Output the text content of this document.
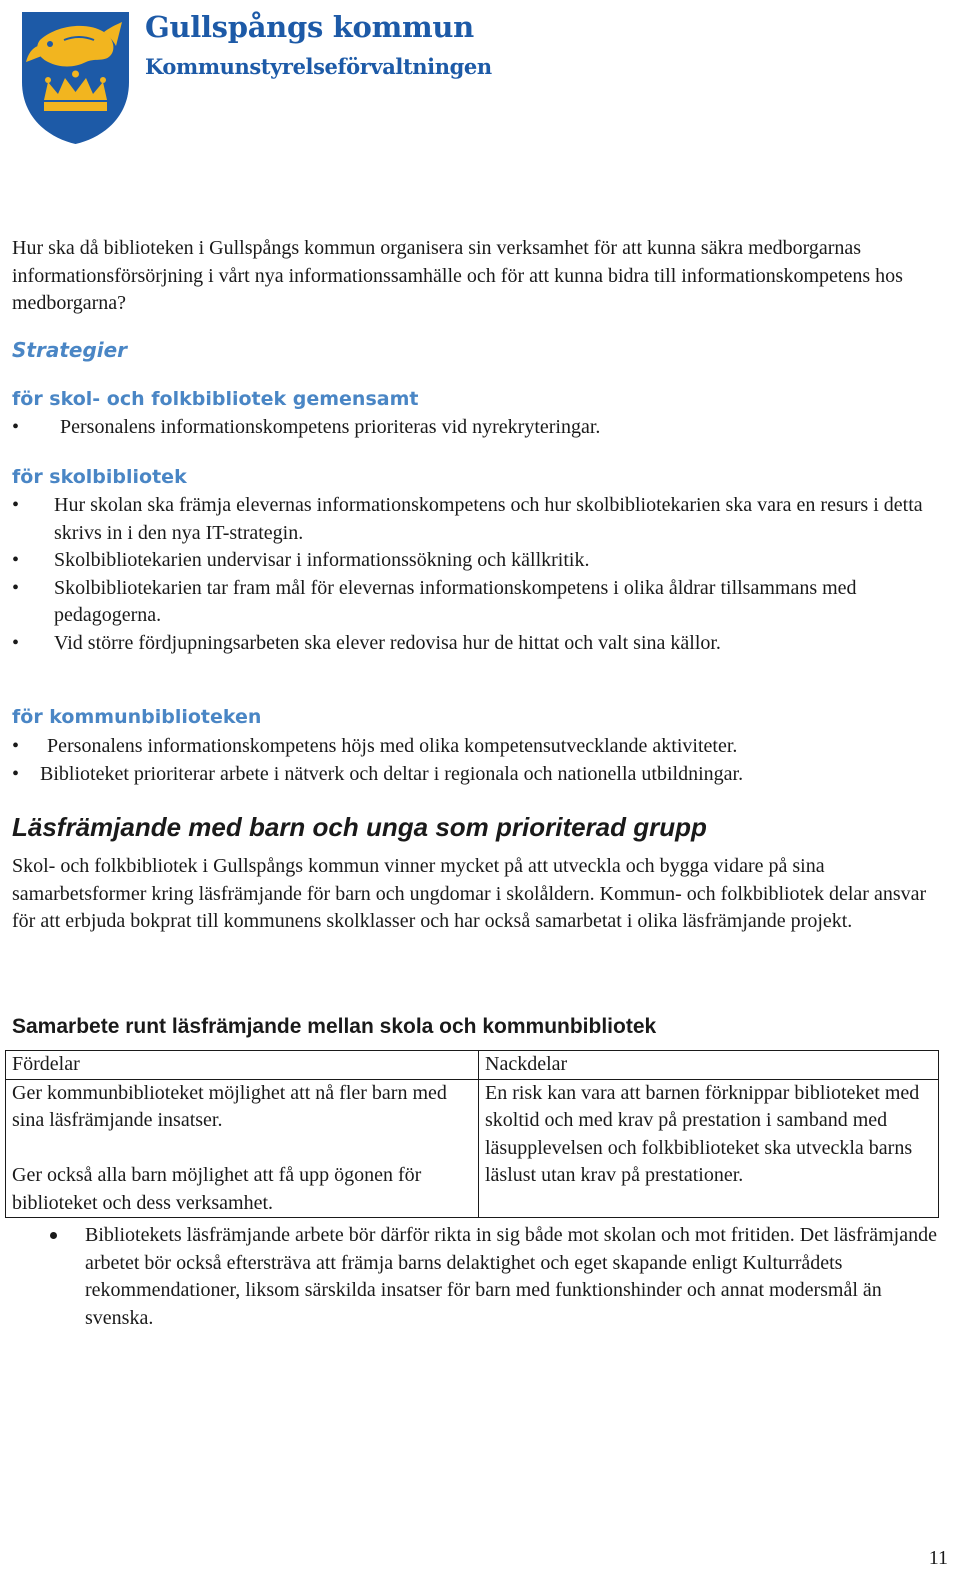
Gullspångs kommun
Kommunstyrelseförvaltningen

Hur ska då biblioteken i Gullspångs kommun organisera sin verksamhet för att kunna säkra medborgarnas informationsförsörjning i vårt nya informationssamhälle och för att kunna bidra till informationskompetens hos medborgarna?

Strategier
för skol- och folkbibliotek gemensamt
• Personalens informationskompetens prioriteras vid nyrekryteringar.
för skolbibliotek
• Hur skolan ska främja elevernas informationskompetens och hur skolbibliotekarien ska vara en resurs i detta skrivs in i den nya IT-strategin.
• Skolbibliotekarien undervisar i informationssökning och källkritik.
• Skolbibliotekarien tar fram mål för elevernas informationskompetens i olika åldrar tillsammans med pedagogerna.
• Vid större fördjupningsarbeten ska elever redovisa hur de hittat och valt sina källor.
för kommunbiblioteken
• Personalens informationskompetens höjs med olika kompetensutvecklande aktiviteter.
• Biblioteket prioriterar arbete i nätverk och deltar i regionala och nationella utbildningar.
Läsfrämjande med barn och unga som prioriterad grupp

Skol- och folkbibliotek i Gullspångs kommun vinner mycket på att utveckla och bygga vidare på sina samarbetsformer kring läsfrämjande för barn och ungdomar i skolåldern. Kommun- och folkbibliotek delar ansvar för att erbjuda bokprat till kommunens skolklasser och har också samarbetat i olika läsfrämjande projekt.

Samarbete runt läsfrämjande mellan skola och kommunbibliotek
Fördelar	Nackdelar

Ger kommunbiblioteket möjlighet att nå fler barn med sina läsfrämjande insatser.
Ger också alla barn möjlighet att få upp ögonen för biblioteket och dess verksamhet.	En risk kan vara att barnen förknippar biblioteket med skoltid och med krav på prestation i samband med läsupplevelsen och folkbiblioteket ska utveckla barns läslust utan krav på prestationer.
Bibliotekets läsfrämjande arbete bör därför rikta in sig både mot skolan och mot fritiden. Det läsfrämjande arbetet bör också eftersträva att främja barns delaktighet och eget skapande enligt Kulturrådets rekommendationer, liksom särskilda insatser för barn med funktionshinder och annat modersmål än svenska.

11
